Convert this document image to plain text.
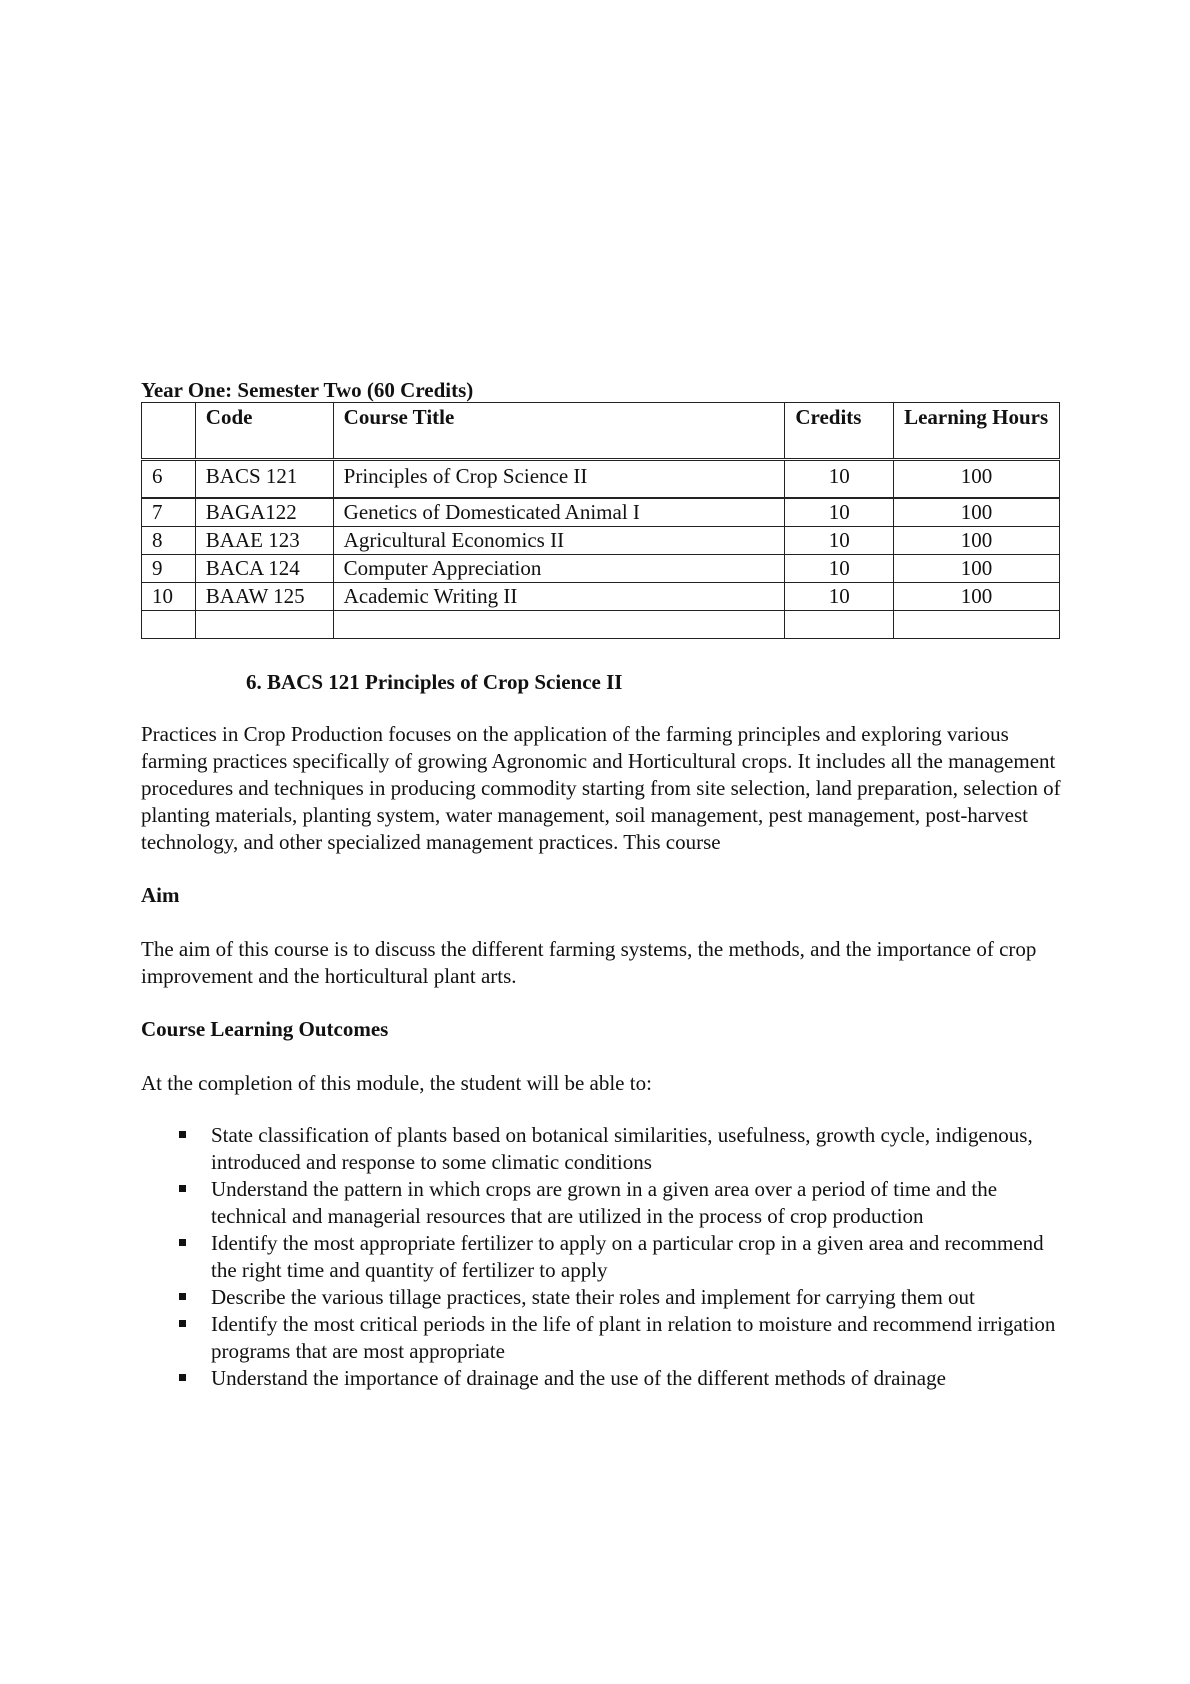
Year One: Semester Two (60 Credits)

	Code	Course Title	Credits	Learning Hours
6	BACS 121	Principles of Crop Science II	10	100
7	BAGA122	Genetics of Domesticated Animal I	10	100
8	BAAE 123	Agricultural Economics II	10	100
9	BACA 124	Computer Appreciation	10	100
10	BAAW 125	Academic Writing II	10	100

6. BACS 121 Principles of Crop Science II

Practices in Crop Production focuses on the application of the farming principles and exploring various farming practices specifically of growing Agronomic and Horticultural crops. It includes all the management procedures and techniques in producing commodity starting from site selection, land preparation, selection of planting materials, planting system, water management, soil management, pest management, post-harvest technology, and other specialized management practices. This course

Aim

The aim of this course is to discuss the different farming systems, the methods, and the importance of crop improvement and the horticultural plant arts.

Course Learning Outcomes

At the completion of this module, the student will be able to:

State classification of plants based on botanical similarities, usefulness, growth cycle, indigenous, introduced and response to some climatic conditions
Understand the pattern in which crops are grown in a given area over a period of time and the technical and managerial resources that are utilized in the process of crop production
Identify the most appropriate fertilizer to apply on a particular crop in a given area and recommend the right time and quantity of fertilizer to apply
Describe the various tillage practices, state their roles and implement for carrying them out
Identify the most critical periods in the life of plant in relation to moisture and recommend irrigation programs that are most appropriate
Understand the importance of drainage and the use of the different methods of drainage
